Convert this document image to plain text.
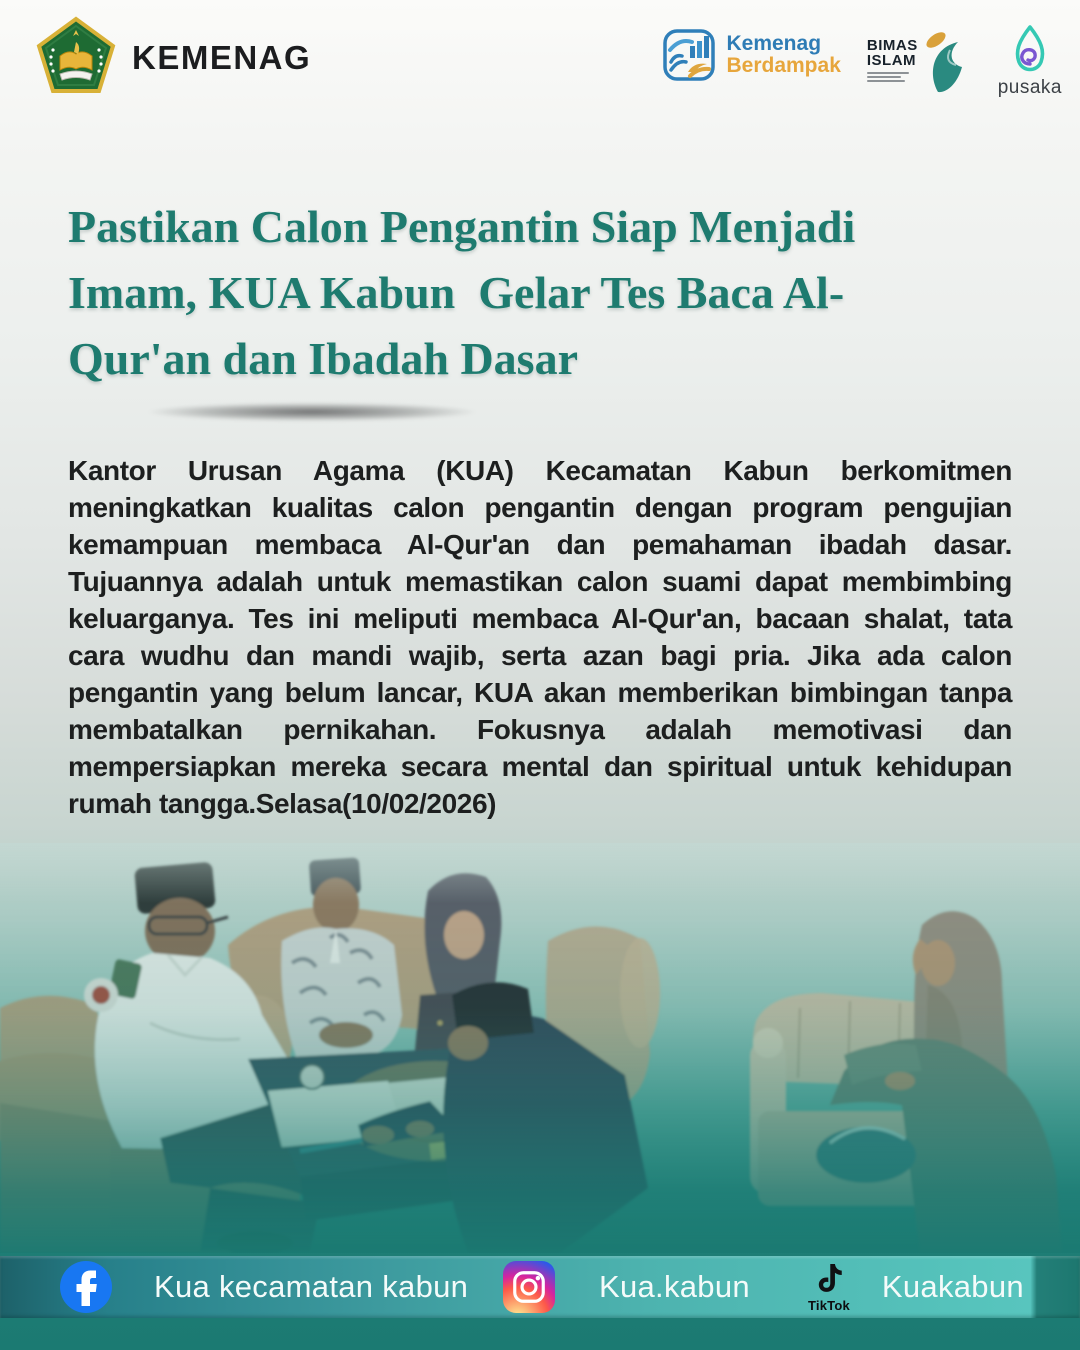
KEMENAG	Kemenag
Berdampak
BIMAS
ISLAM
pusaka
Pastikan Calon Pengantin Siap Menjadi
Imam, KUA Kabun  Gelar Tes Baca Al-
Qur'an dan Ibadah Dasar

Kantor Urusan Agama (KUA) Kecamatan Kabun berkomitmen meningkatkan kualitas calon pengantin dengan program pengujian kemampuan membaca Al-Qur'an dan pemahaman ibadah dasar. Tujuannya adalah untuk memastikan calon suami dapat membimbing keluarganya. Tes ini meliputi membaca Al-Qur'an, bacaan shalat, tata cara wudhu dan mandi wajib, serta azan bagi pria. Jika ada calon pengantin yang belum lancar, KUA akan memberikan bimbingan tanpa membatalkan pernikahan. Fokusnya adalah memotivasi dan mempersiapkan mereka secara mental dan spiritual untuk kehidupan rumah tangga.Selasa(10/02/2026)

Kua kecamatan kabun	Kua.kabun
TikTok
Kuakabun
